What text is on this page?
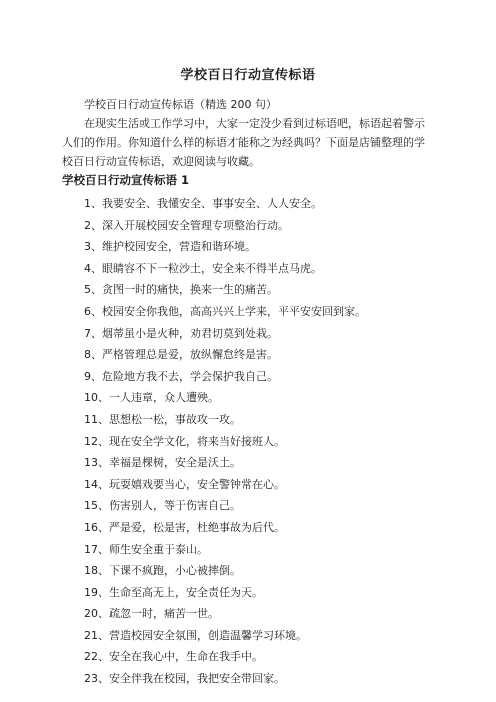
学校百日行动宣传标语

学校百日行动宣传标语（精选 200 句）

在现实生活或工作学习中，大家一定没少看到过标语吧，标语起着警示人们的作用。你知道什么样的标语才能称之为经典吗？下面是店铺整理的学校百日行动宣传标语，欢迎阅读与收藏。

学校百日行动宣传标语 1
1、我要安全、我懂安全、事事安全、人人安全。
2、深入开展校园安全管理专项整治行动。
3、维护校园安全，营造和谐环境。
4、眼睛容不下一粒沙土，安全来不得半点马虎。
5、贪图一时的痛快，换来一生的痛苦。
6、校园安全你我他，高高兴兴上学来，平平安安回到家。
7、烟蒂虽小是火种，劝君切莫到处栽。
8、严格管理总是爱，放纵懈怠终是害。
9、危险地方我不去，学会保护我自己。
10、一人违章，众人遭殃。
11、思想松一松，事故攻一攻。
12、现在安全学文化，将来当好接班人。
13、幸福是棵树，安全是沃土。
14、玩耍嬉戏要当心，安全警钟常在心。
15、伤害别人，等于伤害自己。
16、严是爱，松是害，杜绝事故为后代。
17、师生安全重于泰山。
18、下课不疯跑，小心被摔倒。
19、生命至高无上，安全责任为天。
20、疏忽一时，痛苦一世。
21、营造校园安全氛围，创造温馨学习环境。
22、安全在我心中，生命在我手中。
23、安全伴我在校园，我把安全带回家。
